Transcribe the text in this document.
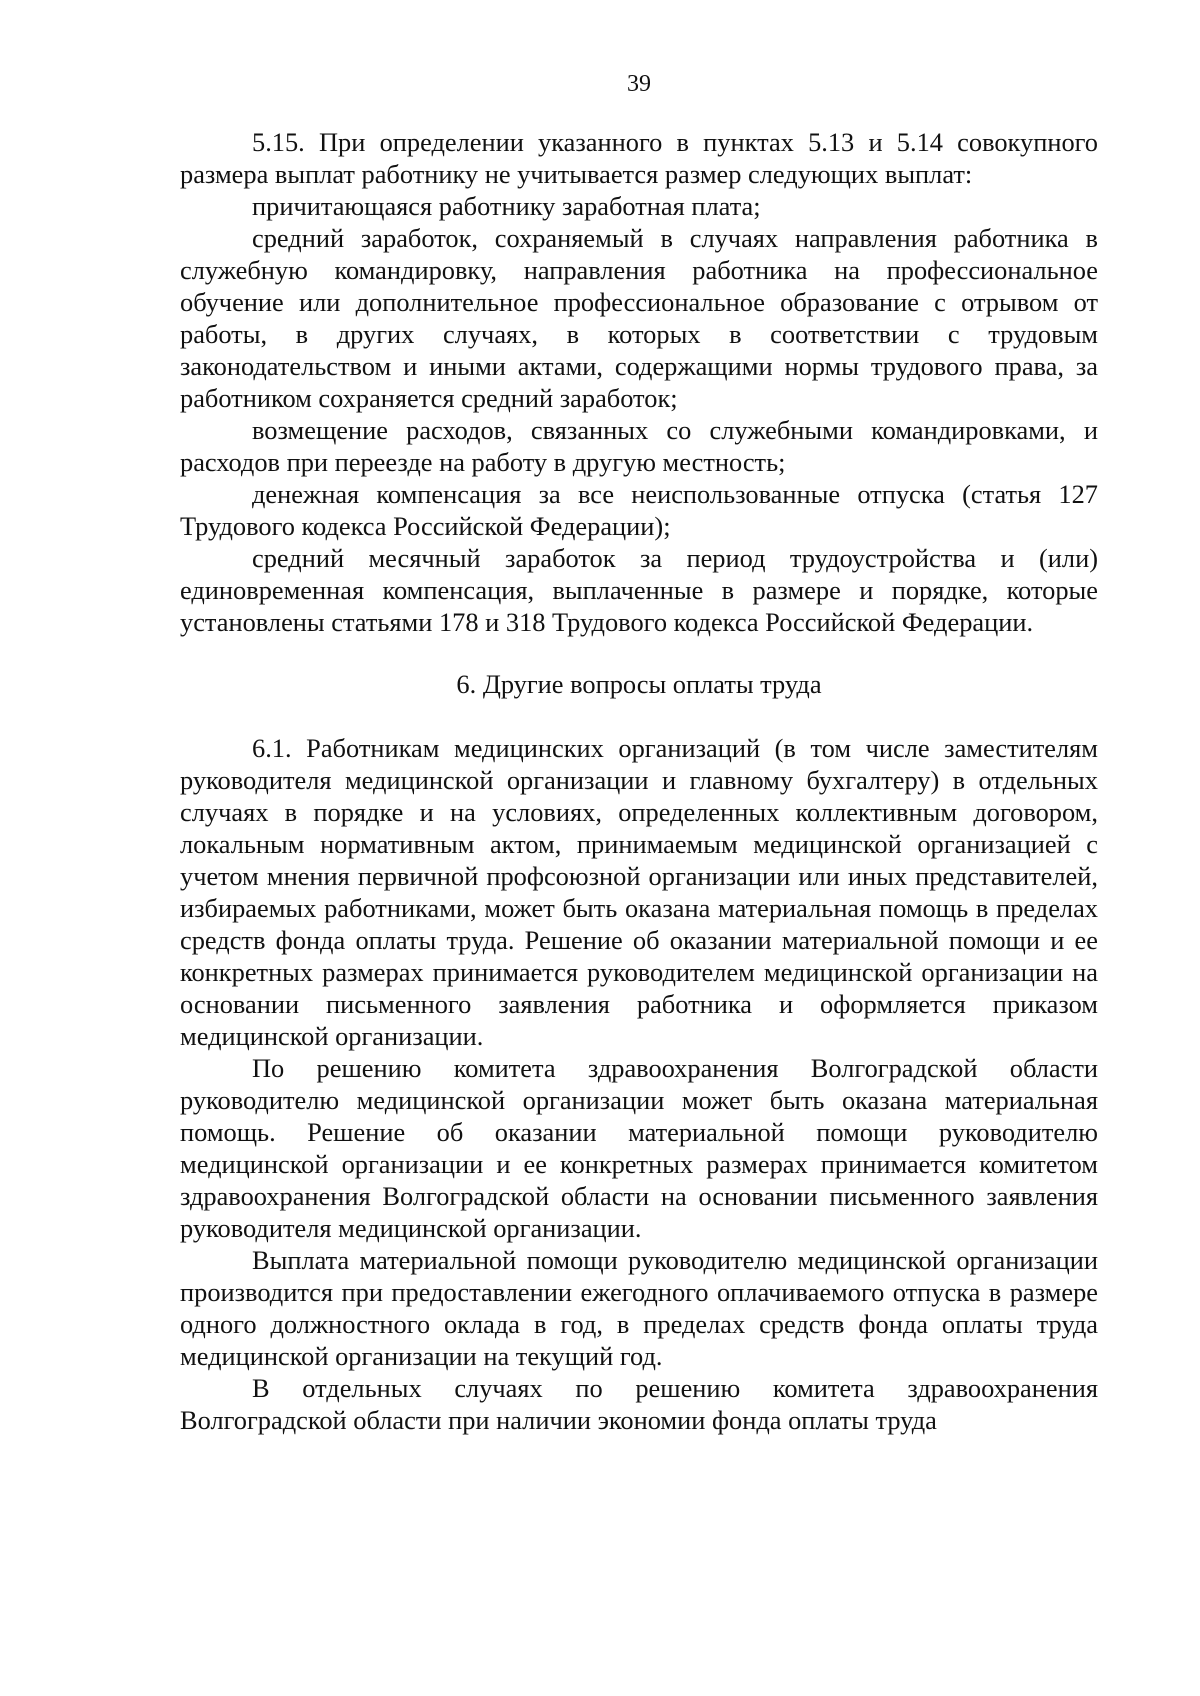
39

5.15. При определении указанного в пунктах 5.13 и 5.14 совокупного размера выплат работнику не учитывается размер следующих выплат:

причитающаяся работнику заработная плата;

средний заработок, сохраняемый в случаях направления работника в служебную командировку, направления работника на профессиональное обучение или дополнительное профессиональное образование с отрывом от работы, в других случаях, в которых в соответствии с трудовым законодательством и иными актами, содержащими нормы трудового права, за работником сохраняется средний заработок;

возмещение расходов, связанных со служебными командировками, и расходов при переезде на работу в другую местность;

денежная компенсация за все неиспользованные отпуска (статья 127 Трудового кодекса Российской Федерации);

средний месячный заработок за период трудоустройства и (или) единовременная компенсация, выплаченные в размере и порядке, которые установлены статьями 178 и 318 Трудового кодекса Российской Федерации.

6. Другие вопросы оплаты труда

6.1. Работникам медицинских организаций (в том числе заместителям руководителя медицинской организации и главному бухгалтеру) в отдельных случаях в порядке и на условиях, определенных коллективным договором, локальным нормативным актом, принимаемым медицинской организацией с учетом мнения первичной профсоюзной организации или иных представителей, избираемых работниками, может быть оказана материальная помощь в пределах средств фонда оплаты труда. Решение об оказании материальной помощи и ее конкретных размерах принимается руководителем медицинской организации на основании письменного заявления работника и оформляется приказом медицинской организации.

По решению комитета здравоохранения Волгоградской области руководителю медицинской организации может быть оказана материальная помощь. Решение об оказании материальной помощи руководителю медицинской организации и ее конкретных размерах принимается комитетом здравоохранения Волгоградской области на основании письменного заявления руководителя медицинской организации.

Выплата материальной помощи руководителю медицинской организации производится при предоставлении ежегодного оплачиваемого отпуска в размере одного должностного оклада в год, в пределах средств фонда оплаты труда медицинской организации на текущий год.

В отдельных случаях по решению комитета здравоохранения Волгоградской области при наличии экономии фонда оплаты труда
